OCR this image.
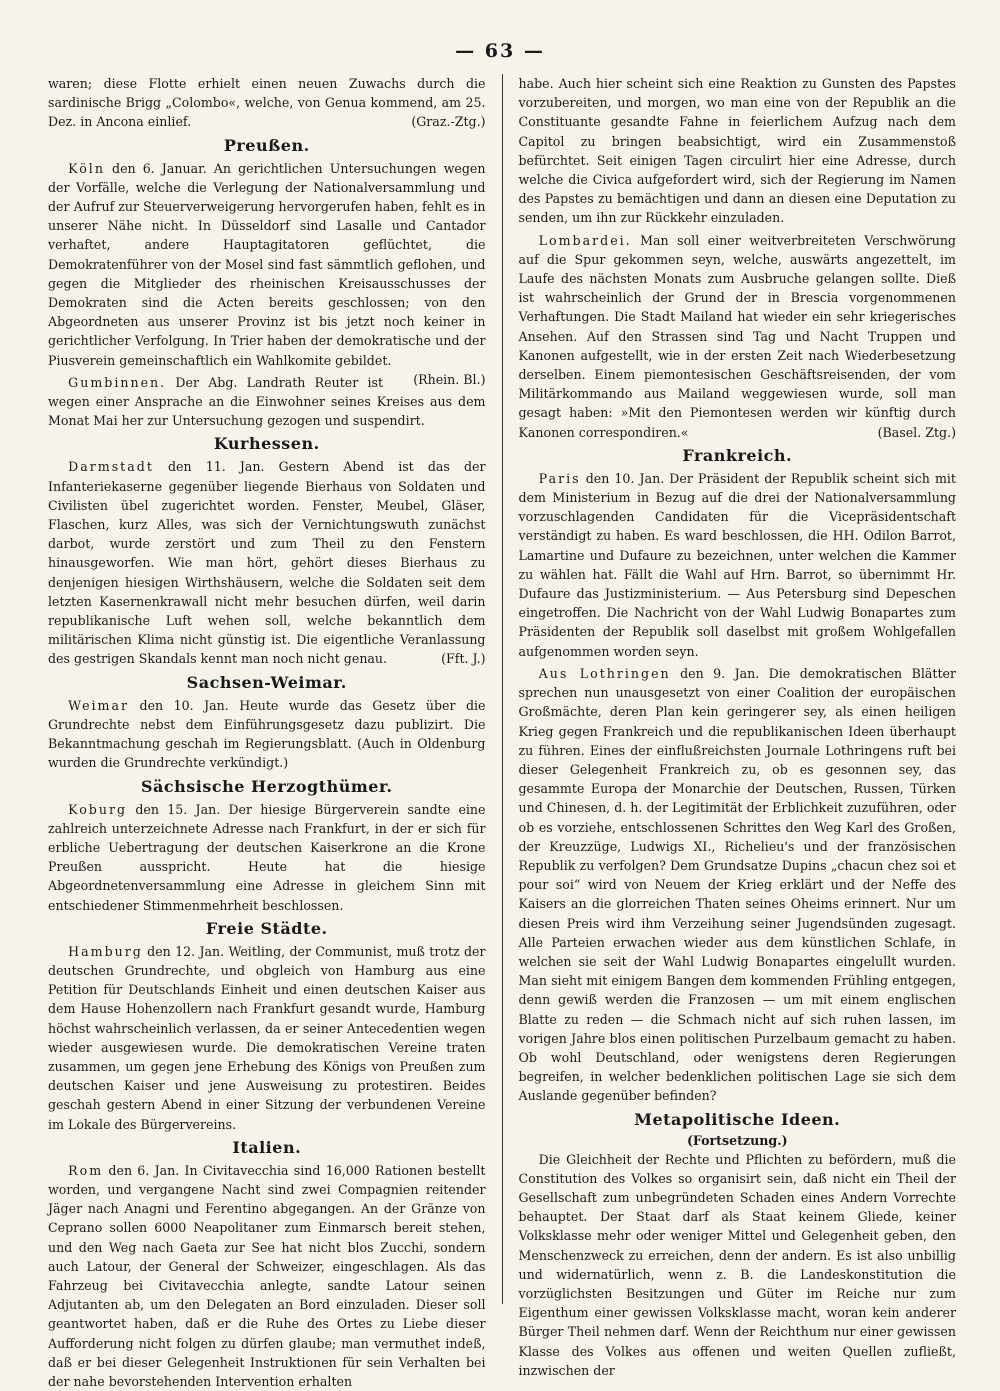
— 63 —

waren; diese Flotte erhielt einen neuen Zuwachs durch die sardinische Brigg „Colombo«, welche, von Genua kommend, am 25. Dez. in Ancona einlief.	(Graz.-Ztg.)

Preußen.

Köln den 6. Januar. An gerichtlichen Untersuchungen wegen der Vorfälle, welche die Verlegung der Nationalversammlung und der Aufruf zur Steuerverweigerung hervorgerufen haben, fehlt es in unserer Nähe nicht. In Düsseldorf sind Lasalle und Cantador verhaftet, andere Hauptagitatoren geflüchtet, die Demokratenführer von der Mosel sind fast sämmtlich geflohen, und gegen die Mitglieder des rheinischen Kreisausschusses der Demokraten sind die Acten bereits geschlossen; von den Abgeordneten aus unserer Provinz ist bis jetzt noch keiner in gerichtlicher Verfolgung. In Trier haben der demokratische und der Piusverein gemeinschaftlich ein Wahlkomite gebildet.
(Rhein. Bl.)

Gumbinnen. Der Abg. Landrath Reuter ist wegen einer Ansprache an die Einwohner seines Kreises aus dem Monat Mai her zur Untersuchung gezogen und suspendirt.

Kurhessen.

Darmstadt den 11. Jan. Gestern Abend ist das der Infanteriekaserne gegenüber liegende Bierhaus von Soldaten und Civilisten übel zugerichtet worden. Fenster, Meubel, Gläser, Flaschen, kurz Alles, was sich der Vernichtungswuth zunächst darbot, wurde zerstört und zum Theil zu den Fenstern hinausgeworfen. Wie man hört, gehört dieses Bierhaus zu denjenigen hiesigen Wirthshäusern, welche die Soldaten seit dem letzten Kasernenkrawall nicht mehr besuchen dürfen, weil darin republikanische Luft wehen soll, welche bekanntlich dem militärischen Klima nicht günstig ist. Die eigentliche Veranlassung des gestrigen Skandals kennt man noch nicht genau.	(Fft. J.)

Sachsen-Weimar.

Weimar den 10. Jan. Heute wurde das Gesetz über die Grundrechte nebst dem Einführungsgesetz dazu publizirt. Die Bekanntmachung geschah im Regierungsblatt. (Auch in Oldenburg wurden die Grundrechte verkündigt.)

Sächsische Herzogthümer.

Koburg den 15. Jan. Der hiesige Bürgerverein sandte eine zahlreich unterzeichnete Adresse nach Frankfurt, in der er sich für erbliche Uebertragung der deutschen Kaiserkrone an die Krone Preußen ausspricht. Heute hat die hiesige Abgeordnetenversammlung eine Adresse in gleichem Sinn mit entschiedener Stimmenmehrheit beschlossen.

Freie Städte.

Hamburg den 12. Jan. Weitling, der Communist, muß trotz der deutschen Grundrechte, und obgleich von Hamburg aus eine Petition für Deutschlands Einheit und einen deutschen Kaiser aus dem Hause Hohenzollern nach Frankfurt gesandt wurde, Hamburg höchst wahrscheinlich verlassen, da er seiner Antecedentien wegen wieder ausgewiesen wurde. Die demokratischen Vereine traten zusammen, um gegen jene Erhebung des Königs von Preußen zum deutschen Kaiser und jene Ausweisung zu protestiren. Beides geschah gestern Abend in einer Sitzung der verbundenen Vereine im Lokale des Bürgervereins.

Italien.

Rom den 6. Jan. In Civitavecchia sind 16,000 Rationen bestellt worden, und vergangene Nacht sind zwei Compagnien reitender Jäger nach Anagni und Ferentino abgegangen. An der Gränze von Ceprano sollen 6000 Neapolitaner zum Einmarsch bereit stehen, und den Weg nach Gaeta zur See hat nicht blos Zucchi, sondern auch Latour, der General der Schweizer, eingeschlagen. Als das Fahrzeug bei Civitavecchia anlegte, sandte Latour seinen Adjutanten ab, um den Delegaten an Bord einzuladen. Dieser soll geantwortet haben, daß er die Ruhe des Ortes zu Liebe dieser Aufforderung nicht folgen zu dürfen glaube; man vermuthet indeß, daß er bei dieser Gelegenheit Instruktionen für sein Verhalten bei der nahe bevorstehenden Intervention erhalten

habe. Auch hier scheint sich eine Reaktion zu Gunsten des Papstes vorzubereiten, und morgen, wo man eine von der Republik an die Constituante gesandte Fahne in feierlichem Aufzug nach dem Capitol zu bringen beabsichtigt, wird ein Zusammenstoß befürchtet. Seit einigen Tagen circulirt hier eine Adresse, durch welche die Civica aufgefordert wird, sich der Regierung im Namen des Papstes zu bemächtigen und dann an diesen eine Deputation zu senden, um ihn zur Rückkehr einzuladen.

Lombardei. Man soll einer weitverbreiteten Verschwörung auf die Spur gekommen seyn, welche, auswärts angezettelt, im Laufe des nächsten Monats zum Ausbruche gelangen sollte. Dieß ist wahrscheinlich der Grund der in Brescia vorgenommenen Verhaftungen. Die Stadt Mailand hat wieder ein sehr kriegerisches Ansehen. Auf den Strassen sind Tag und Nacht Truppen und Kanonen aufgestellt, wie in der ersten Zeit nach Wiederbesetzung derselben. Einem piemontesischen Geschäftsreisenden, der vom Militärkommando aus Mailand weggewiesen wurde, soll man gesagt haben: »Mit den Piemontesen werden wir künftig durch Kanonen correspondiren.«	(Basel. Ztg.)

Frankreich.

Paris den 10. Jan. Der Präsident der Republik scheint sich mit dem Ministerium in Bezug auf die drei der Nationalversammlung vorzuschlagenden Candidaten für die Vicepräsidentschaft verständigt zu haben. Es ward beschlossen, die HH. Odilon Barrot, Lamartine und Dufaure zu bezeichnen, unter welchen die Kammer zu wählen hat. Fällt die Wahl auf Hrn. Barrot, so übernimmt Hr. Dufaure das Justizministerium. — Aus Petersburg sind Depeschen eingetroffen. Die Nachricht von der Wahl Ludwig Bonapartes zum Präsidenten der Republik soll daselbst mit großem Wohlgefallen aufgenommen worden seyn.

Aus Lothringen den 9. Jan. Die demokratischen Blätter sprechen nun unausgesetzt von einer Coalition der europäischen Großmächte, deren Plan kein geringerer sey, als einen heiligen Krieg gegen Frankreich und die republikanischen Ideen überhaupt zu führen. Eines der einflußreichsten Journale Lothringens ruft bei dieser Gelegenheit Frankreich zu, ob es gesonnen sey, das gesammte Europa der Monarchie der Deutschen, Russen, Türken und Chinesen, d. h. der Legitimität der Erblichkeit zuzuführen, oder ob es vorziehe, entschlossenen Schrittes den Weg Karl des Großen, der Kreuzzüge, Ludwigs XI., Richelieu's und der französischen Republik zu verfolgen? Dem Grundsatze Dupins „chacun chez soi et pour soi“ wird von Neuem der Krieg erklärt und der Neffe des Kaisers an die glorreichen Thaten seines Oheims erinnert. Nur um diesen Preis wird ihm Verzeihung seiner Jugendsünden zugesagt. Alle Parteien erwachen wieder aus dem künstlichen Schlafe, in welchen sie seit der Wahl Ludwig Bonapartes eingelullt wurden. Man sieht mit einigem Bangen dem kommenden Frühling entgegen, denn gewiß werden die Franzosen — um mit einem englischen Blatte zu reden — die Schmach nicht auf sich ruhen lassen, im vorigen Jahre blos einen politischen Purzelbaum gemacht zu haben. Ob wohl Deutschland, oder wenigstens deren Regierungen begreifen, in welcher bedenklichen politischen Lage sie sich dem Auslande gegenüber befinden?

Metapolitische Ideen.
(Fortsetzung.)

Die Gleichheit der Rechte und Pflichten zu befördern, muß die Constitution des Volkes so organisirt sein, daß nicht ein Theil der Gesellschaft zum unbegründeten Schaden eines Andern Vorrechte behauptet. Der Staat darf als Staat keinem Gliede, keiner Volksklasse mehr oder weniger Mittel und Gelegenheit geben, den Menschenzweck zu erreichen, denn der andern. Es ist also unbillig und widernatürlich, wenn z. B. die Landeskonstitution die vorzüglichsten Besitzungen und Güter im Reiche nur zum Eigenthum einer gewissen Volksklasse macht, woran kein anderer Bürger Theil nehmen darf. Wenn der Reichthum nur einer gewissen Klasse des Volkes aus offenen und weiten Quellen zufließt, inzwischen der
